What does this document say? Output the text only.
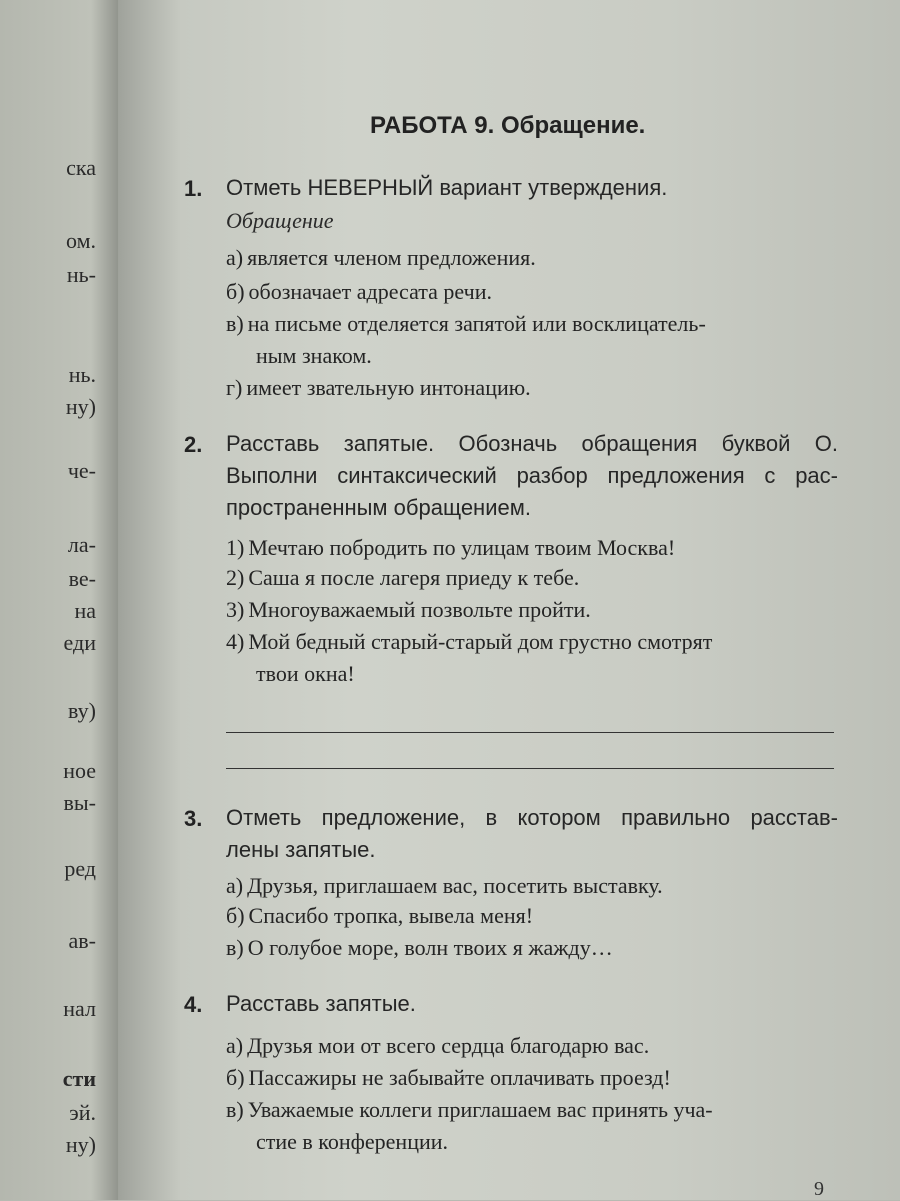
ска
ом.
нь-
нь.
ну)
че-
ла-
ве-
на
еди
ву)
ное
вы-
ред
ав-
нал
сти
эй.
ну)
РАБОТА 9. Обращение.
1. Отметь НЕВЕРНЫЙ вариант утверждения.
Обращение
а) является членом предложения.
б) обозначает адресата речи.
в) на письме отделяется запятой или восклицатель-
ным знаком.
г) имеет звательную интонацию.
2. Расставь запятые. Обозначь обращения буквой О.
Выполни синтаксический разбор предложения с рас-
пространенным обращением.
1) Мечтаю побродить по улицам твоим Москва!
2) Саша я после лагеря приеду к тебе.
3) Многоуважаемый позвольте пройти.
4) Мой бедный старый-старый дом грустно смотрят
твои окна!
3. Отметь предложение, в котором правильно расстав-
лены запятые.
а) Друзья, приглашаем вас, посетить выставку.
б) Спасибо тропка, вывела меня!
в) О голубое море, волн твоих я жажду…
4. Расставь запятые.
а) Друзья мои от всего сердца благодарю вас.
б) Пассажиры не забывайте оплачивать проезд!
в) Уважаемые коллеги приглашаем вас принять уча-
стие в конференции.
9
